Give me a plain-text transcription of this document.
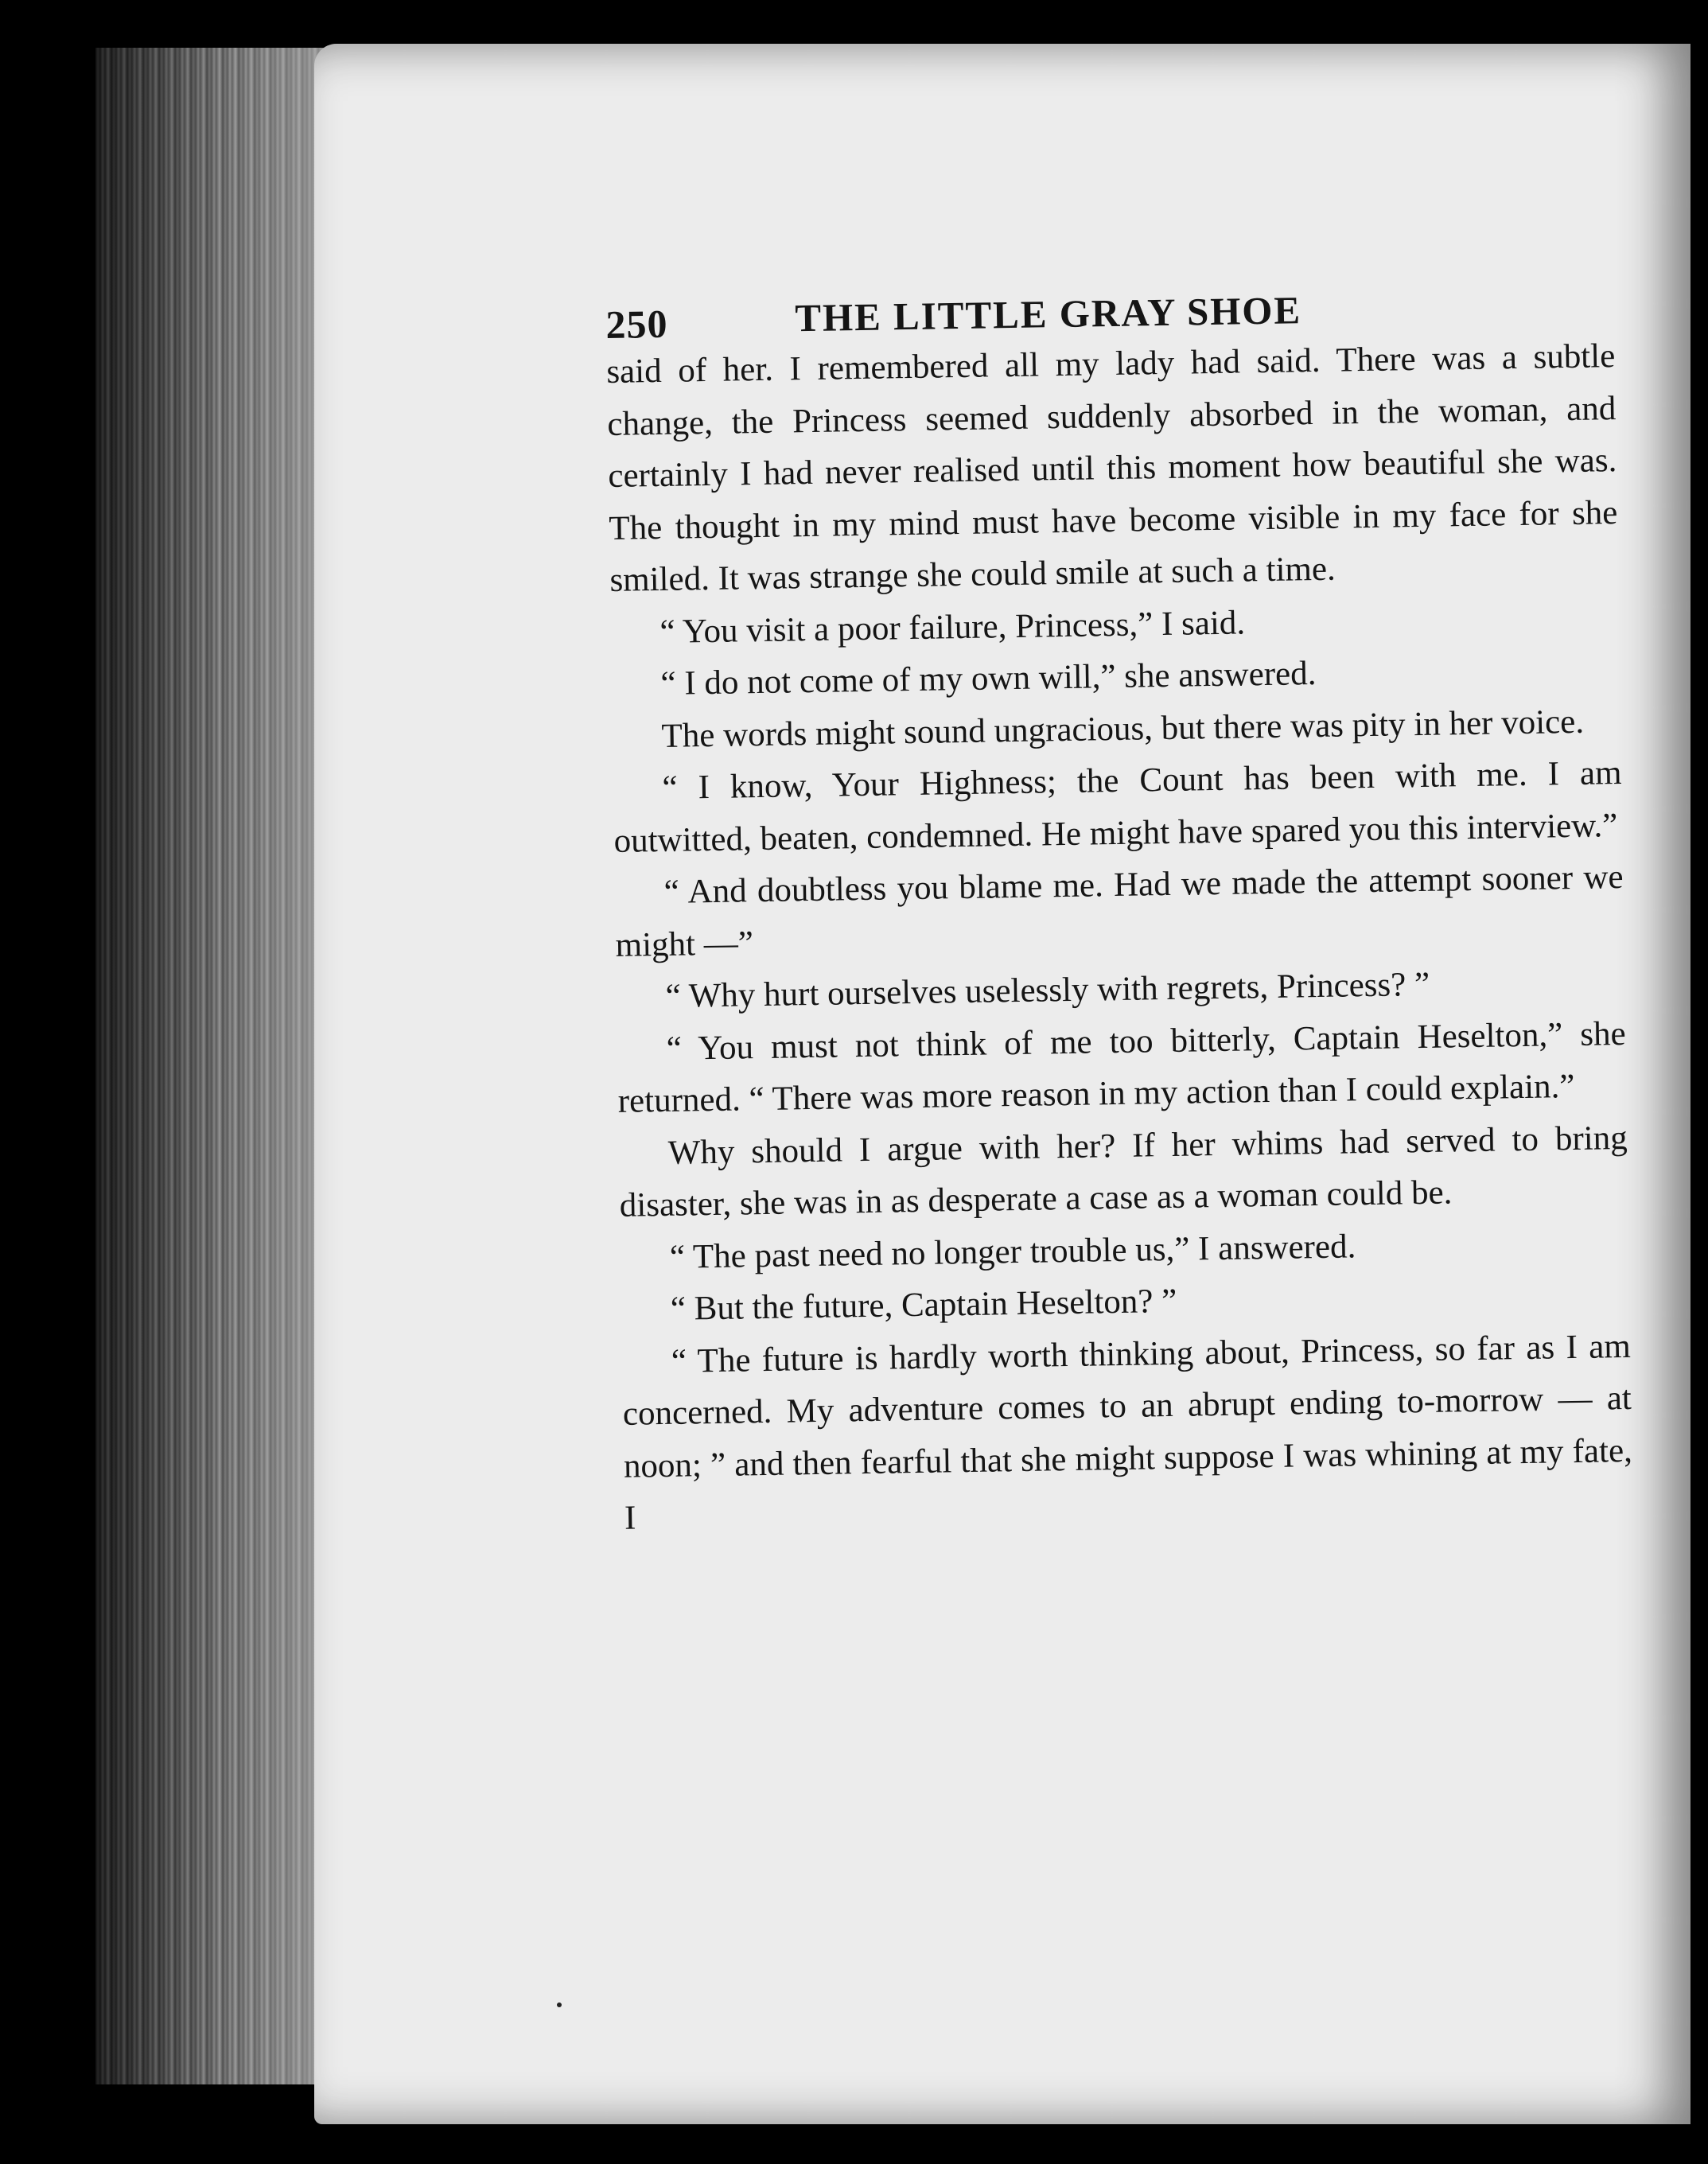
250	THE LITTLE GRAY SHOE

said of her. I remembered all my lady had said. There was a subtle change, the Princess seemed suddenly absorbed in the woman, and certainly I had never realised until this moment how beautiful she was. The thought in my mind must have become visible in my face for she smiled. It was strange she could smile at such a time.

“ You visit a poor failure, Princess,” I said.

“ I do not come of my own will,” she answered.

The words might sound ungracious, but there was pity in her voice.

“ I know, Your Highness; the Count has been with me. I am outwitted, beaten, condemned. He might have spared you this interview.”

“ And doubtless you blame me. Had we made the attempt sooner we might —”

“ Why hurt ourselves uselessly with regrets, Princess? ”

“ You must not think of me too bitterly, Captain Heselton,” she returned. “ There was more reason in my action than I could explain.”

Why should I argue with her? If her whims had served to bring disaster, she was in as desperate a case as a woman could be.

“ The past need no longer trouble us,” I answered.

“ But the future, Captain Heselton? ”

“ The future is hardly worth thinking about, Princess, so far as I am concerned. My adventure comes to an abrupt ending to-morrow — at noon; ” and then fearful that she might suppose I was whining at my fate, I
